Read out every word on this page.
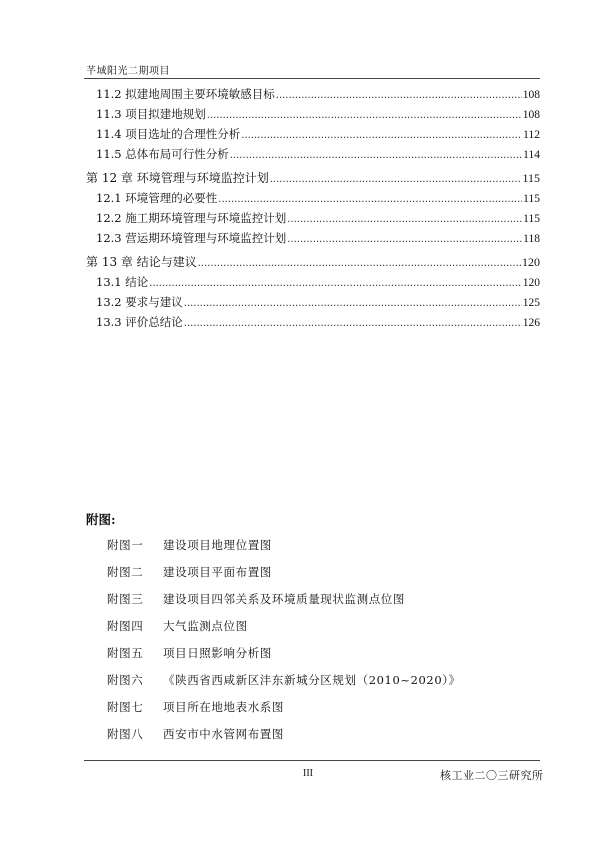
芊域阳光二期项目
11.2 拟建地周围主要环境敏感目标 .....	108
11.3 项目拟建地规划 .....	108
11.4 项目选址的合理性分析 .....	112
11.5 总体布局可行性分析 .....	114
第 12 章 环境管理与环境监控计划 .....	115
12.1 环境管理的必要性 .....	115
12.2 施工期环境管理与环境监控计划 .....	115
12.3 营运期环境管理与环境监控计划 .....	118
第 13 章 结论与建议 .....	120
13.1 结论 .....	120
13.2 要求与建议 .....	125
13.3 评价总结论 .....	126
附图:
附图一	建设项目地理位置图
附图二	建设项目平面布置图
附图三	建设项目四邻关系及环境质量现状监测点位图
附图四	大气监测点位图
附图五	项目日照影响分析图
附图六	《陕西省西咸新区沣东新城分区规划（2010~2020）》
附图七	项目所在地地表水系图
附图八	西安市中水管网布置图
III	核工业二〇三研究所
